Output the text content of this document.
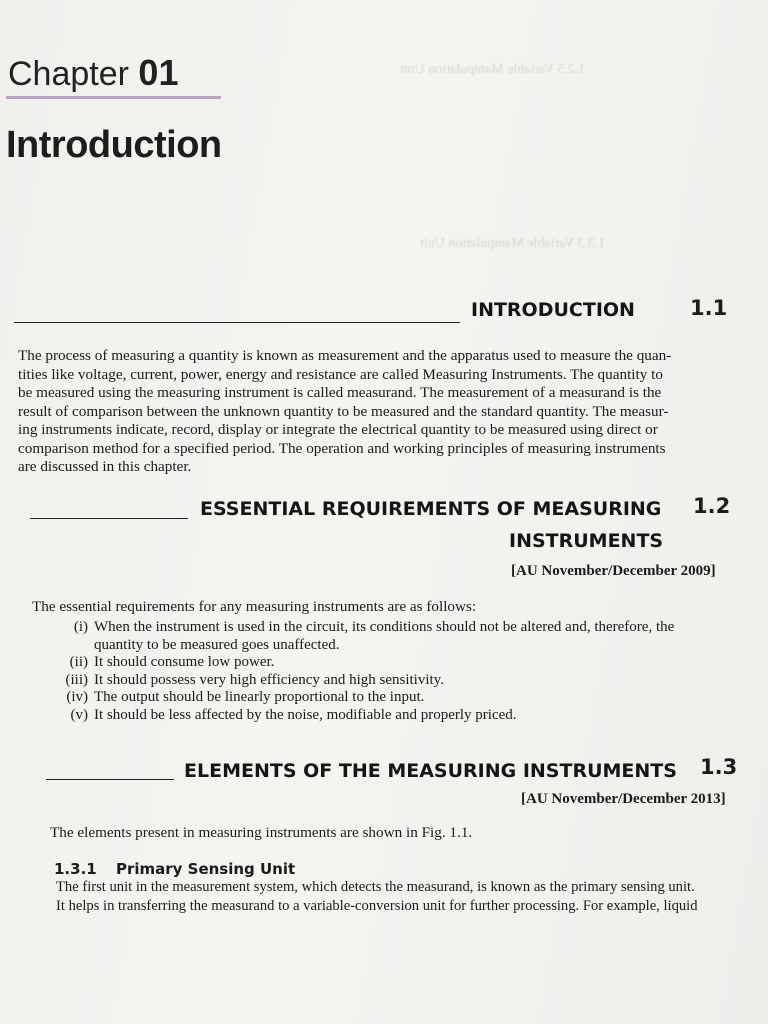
1.2.5 Variable Manipulation Unit
1.3.3 Variable Manipulation Unit
Chapter 01
Introduction
INTRODUCTION	1.1
The process of measuring a quantity is known as measurement and the apparatus used to measure the quan-
tities like voltage, current, power, energy and resistance are called Measuring Instruments. The quantity to
be measured using the measuring instrument is called measurand. The measurement of a measurand is the
result of comparison between the unknown quantity to be measured and the standard quantity. The measur-
ing instruments indicate, record, display or integrate the electrical quantity to be measured using direct or
comparison method for a specified period. The operation and working principles of measuring instruments
are discussed in this chapter.
ESSENTIAL REQUIREMENTS OF MEASURING
INSTRUMENTS
1.2
[AU November/December 2009]
The essential requirements for any measuring instruments are as follows:
(i) When the instrument is used in the circuit, its conditions should not be altered and, therefore, the
quantity to be measured goes unaffected.
(ii) It should consume low power.
(iii) It should possess very high efficiency and high sensitivity.
(iv) The output should be linearly proportional to the input.
(v) It should be less affected by the noise, modifiable and properly priced.
ELEMENTS OF THE MEASURING INSTRUMENTS 1.3
[AU November/December 2013]
The elements present in measuring instruments are shown in Fig. 1.1.
1.3.1 Primary Sensing Unit
The first unit in the measurement system, which detects the measurand, is known as the primary sensing unit.
It helps in transferring the measurand to a variable-conversion unit for further processing. For example, liquid
